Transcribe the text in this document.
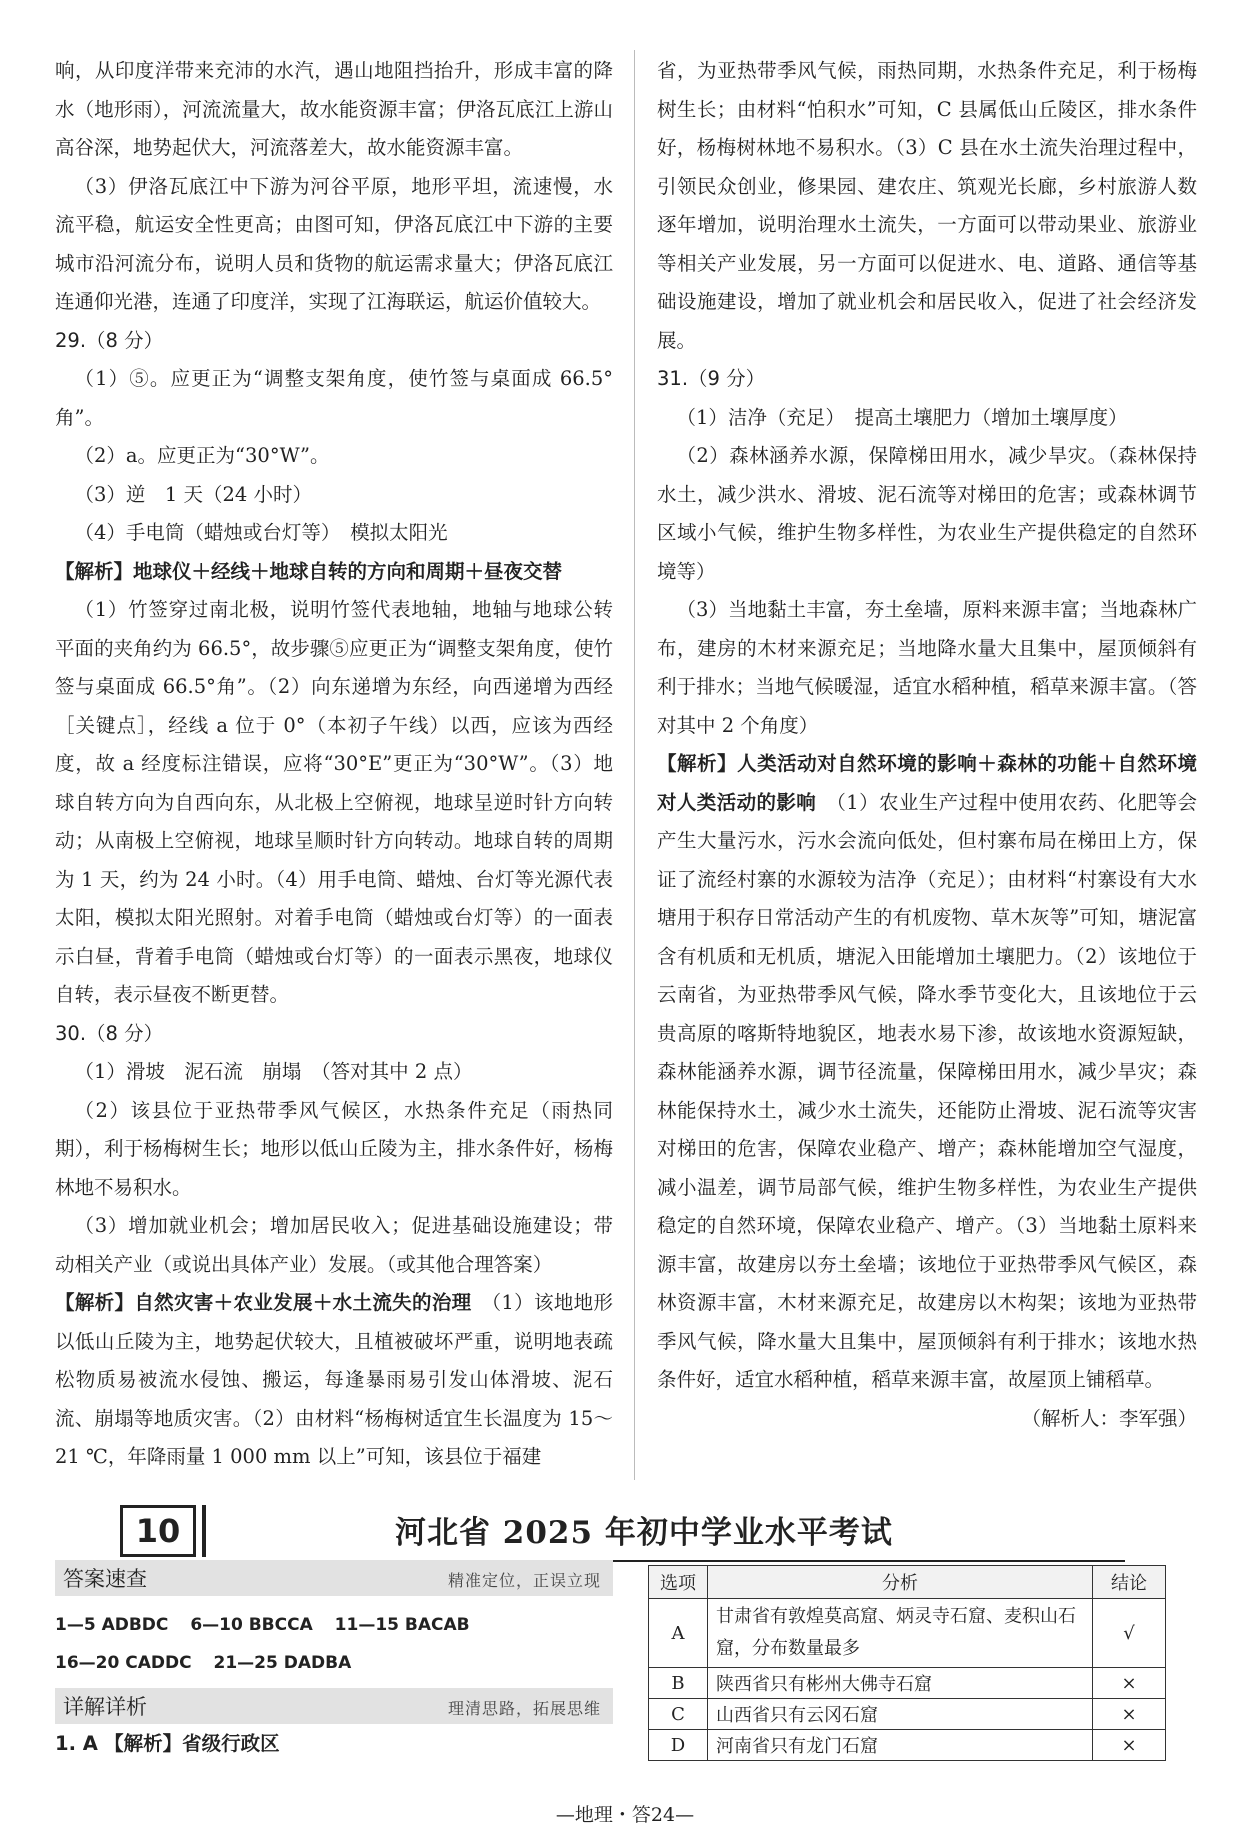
响，从印度洋带来充沛的水汽，遇山地阻挡抬升，形成丰富的降水（地形雨），河流流量大，故水能资源丰富；伊洛瓦底江上游山高谷深，地势起伏大，河流落差大，故水能资源丰富。

（3）伊洛瓦底江中下游为河谷平原，地形平坦，流速慢，水流平稳，航运安全性更高；由图可知，伊洛瓦底江中下游的主要城市沿河流分布，说明人员和货物的航运需求量大；伊洛瓦底江连通仰光港，连通了印度洋，实现了江海联运，航运价值较大。

29.（8 分）

（1）⑤。应更正为“调整支架角度，使竹签与桌面成 66.5°角”。

（2）a。应更正为“30°W”。

（3）逆　1 天（24 小时）

（4）手电筒（蜡烛或台灯等）　模拟太阳光

【解析】地球仪＋经线＋地球自转的方向和周期＋昼夜交替

（1）竹签穿过南北极，说明竹签代表地轴，地轴与地球公转平面的夹角约为 66.5°，故步骤⑤应更正为“调整支架角度，使竹签与桌面成 66.5°角”。（2）向东递增为东经，向西递增为西经［关键点］，经线 a 位于 0°（本初子午线）以西，应该为西经度，故 a 经度标注错误，应将“30°E”更正为“30°W”。（3）地球自转方向为自西向东，从北极上空俯视，地球呈逆时针方向转动；从南极上空俯视，地球呈顺时针方向转动。地球自转的周期为 1 天，约为 24 小时。（4）用手电筒、蜡烛、台灯等光源代表太阳，模拟太阳光照射。对着手电筒（蜡烛或台灯等）的一面表示白昼，背着手电筒（蜡烛或台灯等）的一面表示黑夜，地球仪自转，表示昼夜不断更替。

30.（8 分）

（1）滑坡　泥石流　崩塌　（答对其中 2 点）

（2）该县位于亚热带季风气候区，水热条件充足（雨热同期），利于杨梅树生长；地形以低山丘陵为主，排水条件好，杨梅林地不易积水。

（3）增加就业机会；增加居民收入；促进基础设施建设；带动相关产业（或说出具体产业）发展。（或其他合理答案）

【解析】自然灾害＋农业发展＋水土流失的治理　（1）该地地形以低山丘陵为主，地势起伏较大，且植被破坏严重，说明地表疏松物质易被流水侵蚀、搬运，每逢暴雨易引发山体滑坡、泥石流、崩塌等地质灾害。（2）由材料“杨梅树适宜生长温度为 15～21 ℃，年降雨量 1 000 mm 以上”可知，该县位于福建

省，为亚热带季风气候，雨热同期，水热条件充足，利于杨梅树生长；由材料“怕积水”可知，C 县属低山丘陵区，排水条件好，杨梅树林地不易积水。（3）C 县在水土流失治理过程中，引领民众创业，修果园、建农庄、筑观光长廊，乡村旅游人数逐年增加，说明治理水土流失，一方面可以带动果业、旅游业等相关产业发展，另一方面可以促进水、电、道路、通信等基础设施建设，增加了就业机会和居民收入，促进了社会经济发展。

31.（9 分）

（1）洁净（充足）　提高土壤肥力（增加土壤厚度）

（2）森林涵养水源，保障梯田用水，减少旱灾。（森林保持水土，减少洪水、滑坡、泥石流等对梯田的危害；或森林调节区域小气候，维护生物多样性，为农业生产提供稳定的自然环境等）

（3）当地黏土丰富，夯土垒墙，原料来源丰富；当地森林广布，建房的木材来源充足；当地降水量大且集中，屋顶倾斜有利于排水；当地气候暖湿，适宜水稻种植，稻草来源丰富。（答对其中 2 个角度）

【解析】人类活动对自然环境的影响＋森林的功能＋自然环境对人类活动的影响　（1）农业生产过程中使用农药、化肥等会产生大量污水，污水会流向低处，但村寨布局在梯田上方，保证了流经村寨的水源较为洁净（充足）；由材料“村寨设有大水塘用于积存日常活动产生的有机废物、草木灰等”可知，塘泥富含有机质和无机质，塘泥入田能增加土壤肥力。（2）该地位于云南省，为亚热带季风气候，降水季节变化大，且该地位于云贵高原的喀斯特地貌区，地表水易下渗，故该地水资源短缺，森林能涵养水源，调节径流量，保障梯田用水，减少旱灾；森林能保持水土，减少水土流失，还能防止滑坡、泥石流等灾害对梯田的危害，保障农业稳产、增产；森林能增加空气湿度，减小温差，调节局部气候，维护生物多样性，为农业生产提供稳定的自然环境，保障农业稳产、增产。（3）当地黏土原料来源丰富，故建房以夯土垒墙；该地位于亚热带季风气候区，森林资源丰富，木材来源充足，故建房以木构架；该地为亚热带季风气候，降水量大且集中，屋顶倾斜有利于排水；该地水热条件好，适宜水稻种植，稻草来源丰富，故屋顶上铺稻草。

（解析人：李军强）

10	河北省 2025 年初中学业水平考试
答案速查	精准定位，正误立现
1—5 ADBDC 6—10 BBCCA 11—15 BACAB
16—20 CADDC 21—25 DADBA
详解详析	理清思路，拓展思维
1. A 【解析】省级行政区
选项	分析	结论
A	甘肃省有敦煌莫高窟、炳灵寺石窟、麦积山石窟，分布数量最多	√
B	陕西省只有彬州大佛寺石窟	×
C	山西省只有云冈石窟	×
D	河南省只有龙门石窟	×
—地理・答24—
